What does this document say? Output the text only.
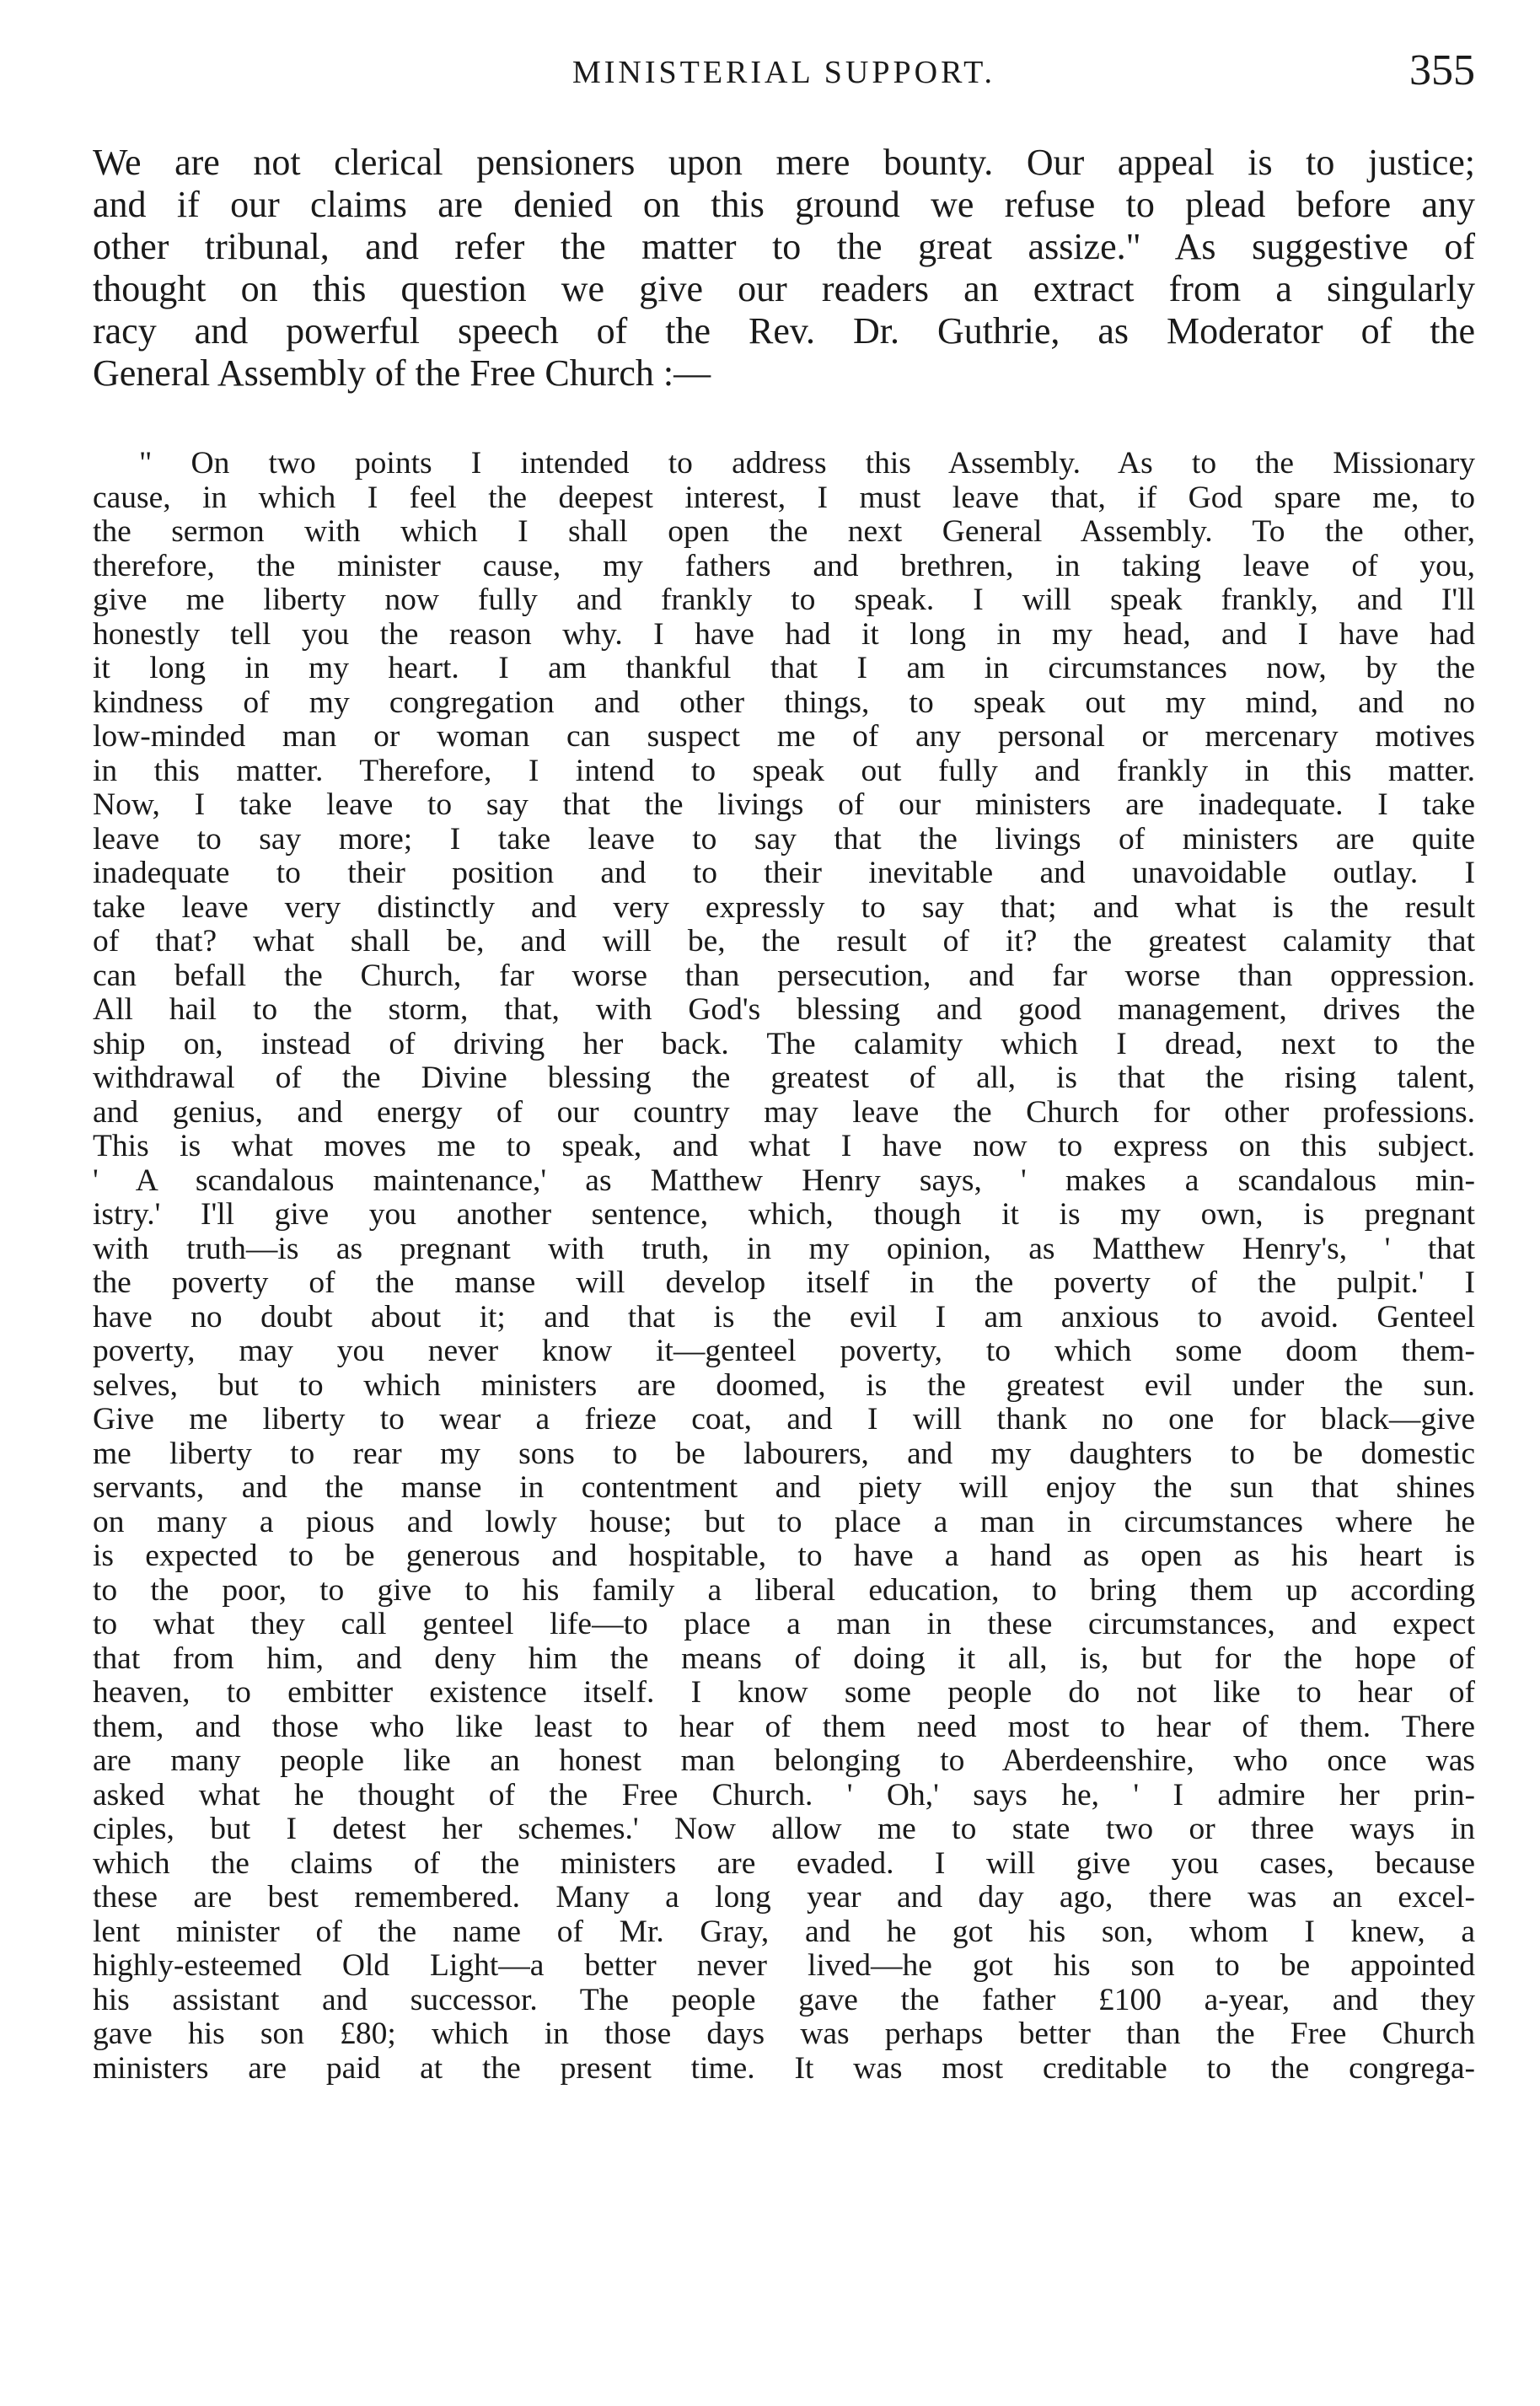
MINISTERIAL SUPPORT.	355
We are not clerical pensioners upon mere bounty. Our appeal is to justice;
and if our claims are denied on this ground we refuse to plead before any
other tribunal, and refer the matter to the great assize." As suggestive of
thought on this question we give our readers an extract from a singularly
racy and powerful speech of the Rev. Dr. Guthrie, as Moderator of the
General Assembly of the Free Church :—
" On two points I intended to address this Assembly. As to the Missionary
cause, in which I feel the deepest interest, I must leave that, if God spare me, to
the sermon with which I shall open the next General Assembly. To the other,
therefore, the minister cause, my fathers and brethren, in taking leave of you,
give me liberty now fully and frankly to speak. I will speak frankly, and I'll
honestly tell you the reason why. I have had it long in my head, and I have had
it long in my heart. I am thankful that I am in circumstances now, by the
kindness of my congregation and other things, to speak out my mind, and no
low-minded man or woman can suspect me of any personal or mercenary motives
in this matter. Therefore, I intend to speak out fully and frankly in this matter.
Now, I take leave to say that the livings of our ministers are inadequate. I take
leave to say more; I take leave to say that the livings of ministers are quite
inadequate to their position and to their inevitable and unavoidable outlay. I
take leave very distinctly and very expressly to say that; and what is the result
of that? what shall be, and will be, the result of it? the greatest calamity that
can befall the Church, far worse than persecution, and far worse than oppression.
All hail to the storm, that, with God's blessing and good management, drives the
ship on, instead of driving her back. The calamity which I dread, next to the
withdrawal of the Divine blessing the greatest of all, is that the rising talent,
and genius, and energy of our country may leave the Church for other professions.
This is what moves me to speak, and what I have now to express on this subject.
' A scandalous maintenance,' as Matthew Henry says, ' makes a scandalous min-
istry.' I'll give you another sentence, which, though it is my own, is pregnant
with truth—is as pregnant with truth, in my opinion, as Matthew Henry's, ' that
the poverty of the manse will develop itself in the poverty of the pulpit.' I
have no doubt about it; and that is the evil I am anxious to avoid. Genteel
poverty, may you never know it—genteel poverty, to which some doom them-
selves, but to which ministers are doomed, is the greatest evil under the sun.
Give me liberty to wear a frieze coat, and I will thank no one for black—give
me liberty to rear my sons to be labourers, and my daughters to be domestic
servants, and the manse in contentment and piety will enjoy the sun that shines
on many a pious and lowly house; but to place a man in circumstances where he
is expected to be generous and hospitable, to have a hand as open as his heart is
to the poor, to give to his family a liberal education, to bring them up according
to what they call genteel life—to place a man in these circumstances, and expect
that from him, and deny him the means of doing it all, is, but for the hope of
heaven, to embitter existence itself. I know some people do not like to hear of
them, and those who like least to hear of them need most to hear of them. There
are many people like an honest man belonging to Aberdeenshire, who once was
asked what he thought of the Free Church. ' Oh,' says he, ' I admire her prin-
ciples, but I detest her schemes.' Now allow me to state two or three ways in
which the claims of the ministers are evaded. I will give you cases, because
these are best remembered. Many a long year and day ago, there was an excel-
lent minister of the name of Mr. Gray, and he got his son, whom I knew, a
highly-esteemed Old Light—a better never lived—he got his son to be appointed
his assistant and successor. The people gave the father £100 a-year, and they
gave his son £80; which in those days was perhaps better than the Free Church
ministers are paid at the present time. It was most creditable to the congrega-
